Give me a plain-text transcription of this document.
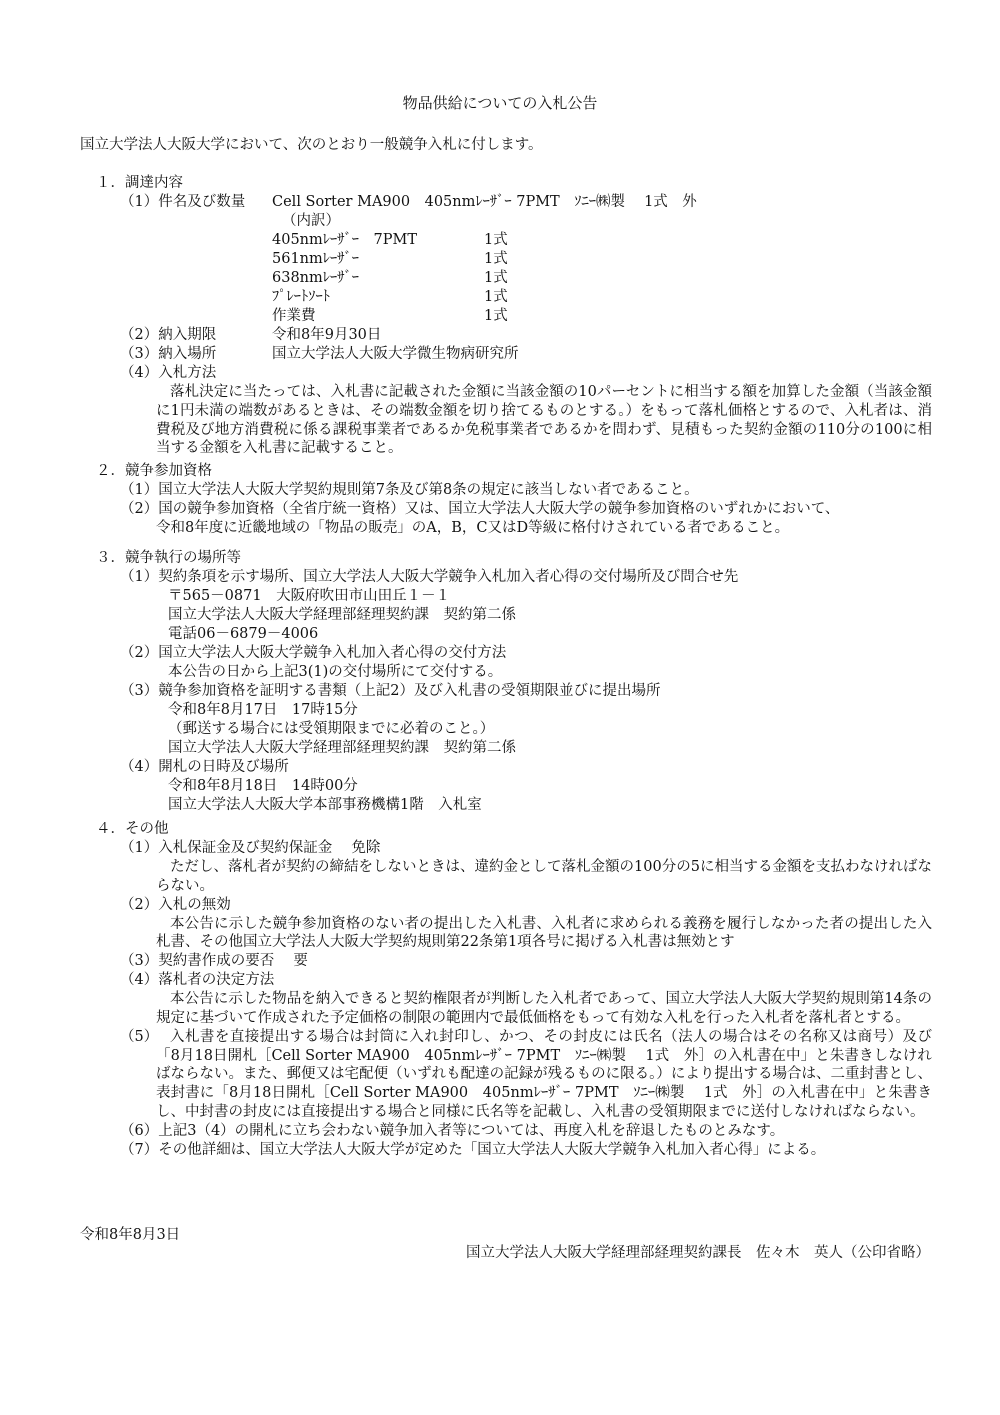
物品供給についての入札公告
国立大学法人大阪大学において、次のとおり一般競争入札に付します。
１．調達内容
（1）件名及び数量 Cell Sorter MA900　405nmﾚｰｻﾞｰ 7PMT　ｿﾆｰ㈱製　 1式　外
（内訳）
405nmﾚｰｻﾞｰ　7PMT	1式
561nmﾚｰｻﾞｰ	1式
638nmﾚｰｻﾞｰ	1式
ﾌﾟﾚｰﾄｿｰﾄ	1式
作業費	1式
（2）納入期限	令和8年9月30日
（3）納入場所	国立大学法人大阪大学微生物病研究所
（4）入札方法
落札決定に当たっては、入札書に記載された金額に当該金額の10パーセントに相当する額を加算した金額（当該金額に1円未満の端数があるときは、その端数金額を切り捨てるものとする。）をもって落札価格とするので、入札者は、消費税及び地方消費税に係る課税事業者であるか免税事業者であるかを問わず、見積もった契約金額の110分の100に相当する金額を入札書に記載すること。
２．競争参加資格
（1）国立大学法人大阪大学契約規則第7条及び第8条の規定に該当しない者であること。
（2）国の競争参加資格（全省庁統一資格）又は、国立大学法人大阪大学の競争参加資格のいずれかにおいて、
令和8年度に近畿地域の「物品の販売」のA，B，C又はD等級に格付けされている者であること。
３．競争執行の場所等
（1）契約条項を示す場所、国立大学法人大阪大学競争入札加入者心得の交付場所及び問合せ先
〒565－0871　大阪府吹田市山田丘１－１
国立大学法人大阪大学経理部経理契約課　契約第二係
電話06－6879－4006
（2）国立大学法人大阪大学競争入札加入者心得の交付方法
本公告の日から上記3(1)の交付場所にて交付する。
（3）競争参加資格を証明する書類（上記2）及び入札書の受領期限並びに提出場所
令和8年8月17日　17時15分
（郵送する場合には受領期限までに必着のこと。）
国立大学法人大阪大学経理部経理契約課　契約第二係
（4）開札の日時及び場所
令和8年8月18日　14時00分
国立大学法人大阪大学本部事務機構1階　入札室
４．その他
（1）入札保証金及び契約保証金　 免除
ただし、落札者が契約の締結をしないときは、違約金として落札金額の100分の5に相当する金額を支払わなければならない。
（2）入札の無効
本公告に示した競争参加資格のない者の提出した入札書、入札者に求められる義務を履行しなかった者の提出した入札書、その他国立大学法人大阪大学契約規則第22条第1項各号に掲げる入札書は無効とす
（3）契約書作成の要否　 要
（4）落札者の決定方法
本公告に示した物品を納入できると契約権限者が判断した入札者であって、国立大学法人大阪大学契約規則第14条の規定に基づいて作成された予定価格の制限の範囲内で最低価格をもって有効な入札を行った入札者を落札者とする。
（5） 入札書を直接提出する場合は封筒に入れ封印し、かつ、その封皮には氏名（法人の場合はその名称又は商号）及び「8月18日開札［Cell Sorter MA900　405nmﾚｰｻﾞｰ 7PMT　ｿﾆｰ㈱製　 1式　外］の入札書在中」と朱書きしなければならない。また、郵便又は宅配便（いずれも配達の記録が残るものに限る。）により提出する場合は、二重封書とし、表封書に「8月18日開札［Cell Sorter MA900　405nmﾚｰｻﾞｰ 7PMT　ｿﾆｰ㈱製　 1式　外］の入札書在中」と朱書きし、中封書の封皮には直接提出する場合と同様に氏名等を記載し、入札書の受領期限までに送付しなければならない。
（6）上記3（4）の開札に立ち会わない競争加入者等については、再度入札を辞退したものとみなす。
（7）その他詳細は、国立大学法人大阪大学が定めた「国立大学法人大阪大学競争入札加入者心得」による。
令和8年8月3日
国立大学法人大阪大学経理部経理契約課長　佐々木　英人（公印省略）
